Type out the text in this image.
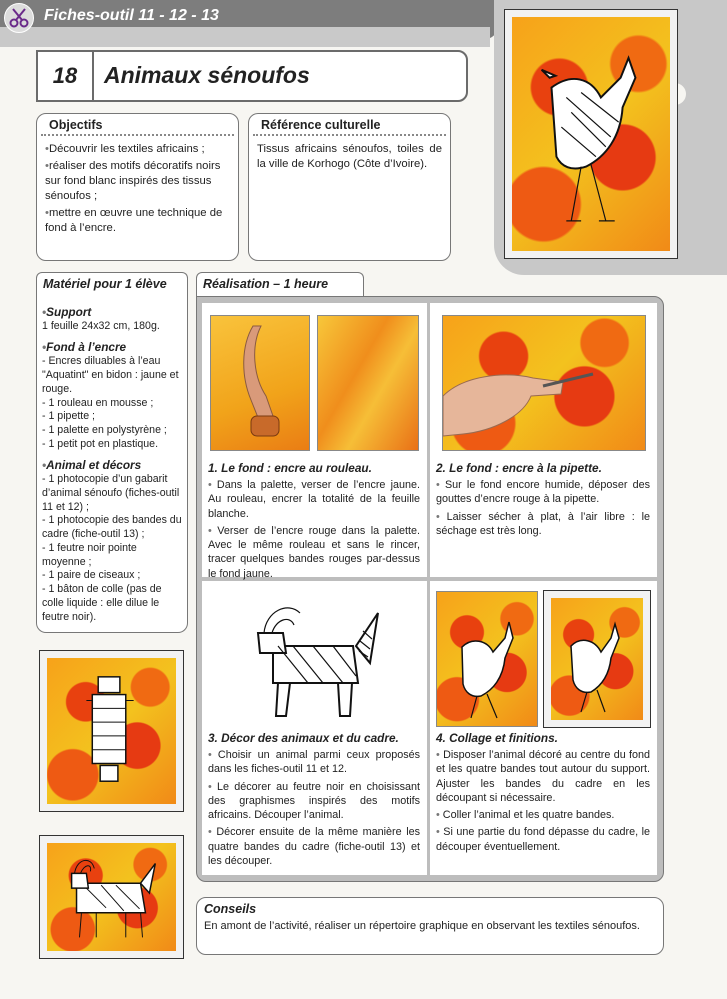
Fiches-outil 11 - 12 - 13
18	Animaux sénoufos
Objectifs

•Découvrir les textiles africains ;

•réaliser des motifs décoratifs noirs sur fond blanc inspirés des tissus sénoufos ;

•mettre en œuvre une technique de fond à l’encre.

Référence culturelle
Tissus africains sénoufos, toiles de la ville de Korhogo (Côte d’Ivoire).
Matériel pour 1 élève
•Support
1 feuille 24x32 cm, 180g.
•Fond à l’encre
- Encres diluables à l’eau "Aquatint" en bidon : jaune et rouge.
- 1 rouleau en mousse ;
- 1 pipette ;
- 1 palette en polystyrène ;
- 1 petit pot en plastique.
•Animal et décors
- 1 photocopie d’un gabarit d’animal sénoufo (fiches-outil 11 et 12) ;
- 1 photocopie des bandes du cadre (fiche-outil 13) ;
- 1 feutre noir pointe moyenne ;
- 1 paire de ciseaux ;
- 1 bâton de colle (pas de colle liquide : elle dilue le feutre noir).
Réalisation – 1 heure
1. Le fond : encre au rouleau.

• Dans la palette, verser de l’encre jaune. Au rouleau, encrer la totalité de la feuille blanche.

• Verser de l’encre rouge dans la palette. Avec le même rouleau et sans le rincer, tracer quelques bandes rouges par-dessus le fond jaune.

2. Le fond : encre à la pipette.

• Sur le fond encore humide, déposer des gouttes d’encre rouge à la pipette.

• Laisser sécher à plat, à l’air libre : le séchage est très long.

3. Décor des animaux et du cadre.

• Choisir un animal parmi ceux proposés dans les fiches-outil 11 et 12.

• Le décorer au feutre noir en choisissant des graphismes inspirés des motifs africains. Découper l’animal.

• Décorer ensuite de la même manière les quatre bandes du cadre (fiche-outil 13) et les découper.

4. Collage et finitions.

• Disposer l’animal décoré au centre du fond et les quatre bandes tout autour du support. Ajuster les bandes du cadre en les découpant si nécessaire.

• Coller l’animal et les quatre bandes.

• Si une partie du fond dépasse du cadre, le découper éventuellement.

Conseils

En amont de l’activité, réaliser un répertoire graphique en observant les textiles sénoufos.
